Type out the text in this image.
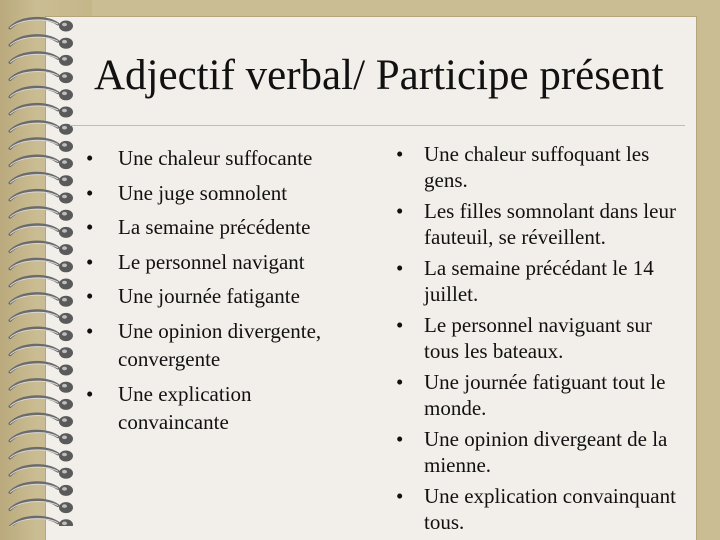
Adjectif verbal/ Participe présent
• Une chaleur suffocante
• Une juge somnolent
• La semaine précédente
• Le personnel navigant
• Une journée fatigante
• Une opinion divergente, convergente
• Une explication convaincante
• Une chaleur suffoquant les gens.
• Les filles somnolant dans leur fauteuil, se réveillent.
• La semaine précédant le 14 juillet.
• Le personnel naviguant sur tous les bateaux.
• Une journée fatiguant tout le monde.
• Une opinion divergeant de la mienne.
• Une explication convainquant tous.
